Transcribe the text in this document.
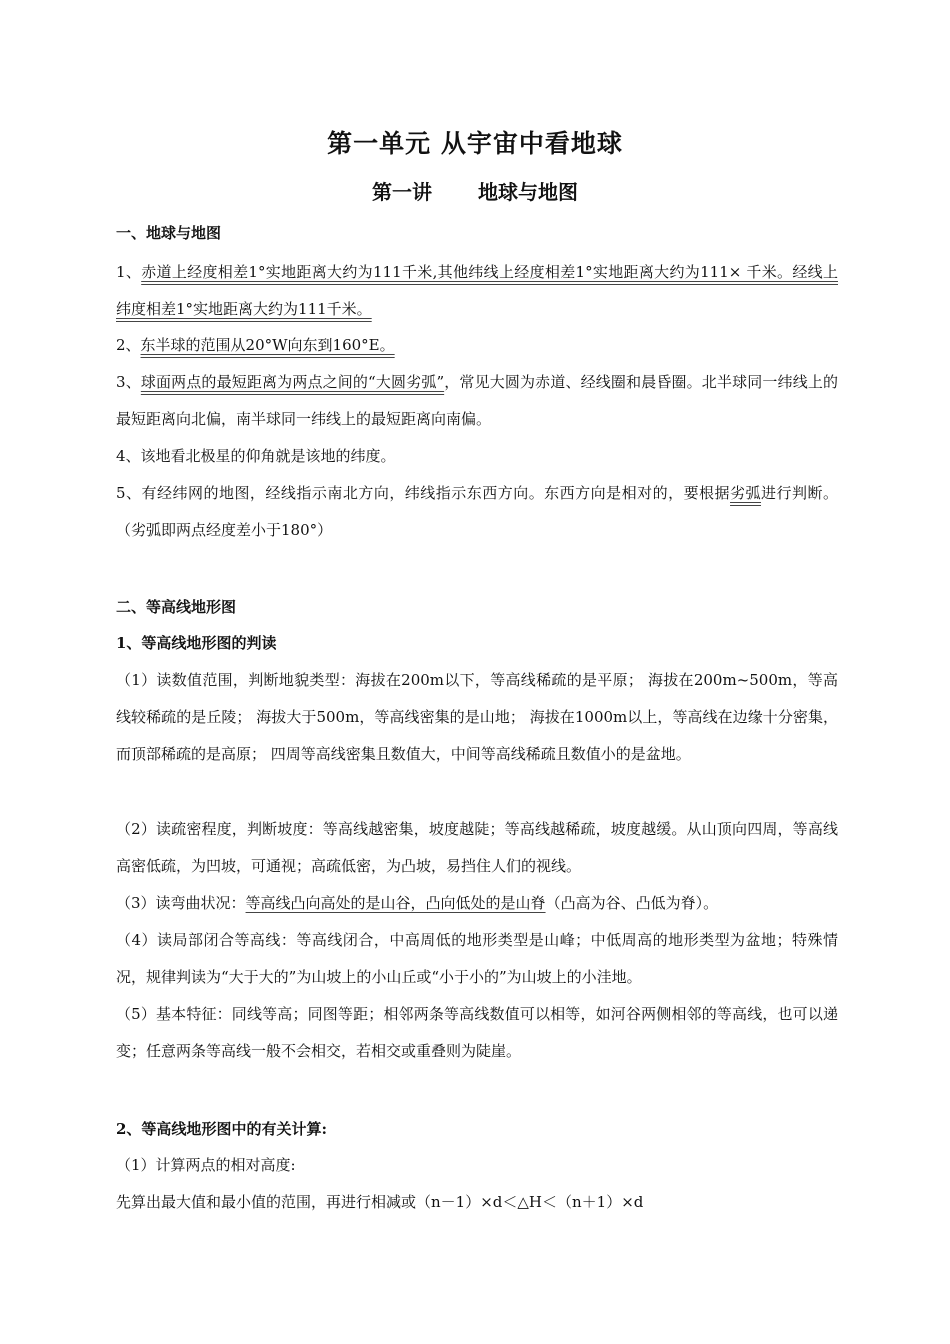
第一单元 从宇宙中看地球
第一讲 地球与地图
一、地球与地图
1、赤道上经度相差1°实地距离大约为111千米,其他纬线上经度相差1°实地距离大约为111× 千米。经线上纬度相差1°实地距离大约为111千米。
2、东半球的范围从20°W向东到160°E。
3、球面两点的最短距离为两点之间的“大圆劣弧”，常见大圆为赤道、经线圈和晨昏圈。北半球同一纬线上的最短距离向北偏，南半球同一纬线上的最短距离向南偏。
4、该地看北极星的仰角就是该地的纬度。
5、有经纬网的地图，经线指示南北方向，纬线指示东西方向。东西方向是相对的，要根据劣弧进行判断。（劣弧即两点经度差小于180°）
二、等高线地形图
1、等高线地形图的判读
（1）读数值范围，判断地貌类型：海拔在200m以下，等高线稀疏的是平原； 海拔在200m~500m，等高线较稀疏的是丘陵； 海拔大于500m，等高线密集的是山地； 海拔在1000m以上，等高线在边缘十分密集，而顶部稀疏的是高原； 四周等高线密集且数值大，中间等高线稀疏且数值小的是盆地。
（2）读疏密程度，判断坡度：等高线越密集，坡度越陡；等高线越稀疏，坡度越缓。从山顶向四周，等高线高密低疏，为凹坡，可通视；高疏低密，为凸坡，易挡住人们的视线。
（3）读弯曲状况：等高线凸向高处的是山谷，凸向低处的是山脊（凸高为谷、凸低为脊）。
（4）读局部闭合等高线：等高线闭合，中高周低的地形类型是山峰；中低周高的地形类型为盆地；特殊情况，规律判读为“大于大的”为山坡上的小山丘或“小于小的”为山坡上的小洼地。
（5）基本特征：同线等高；同图等距；相邻两条等高线数值可以相等，如河谷两侧相邻的等高线，也可以递变；任意两条等高线一般不会相交，若相交或重叠则为陡崖。
2、等高线地形图中的有关计算:
（1）计算两点的相对高度:
先算出最大值和最小值的范围，再进行相减或（n－1）×d＜△H＜（n＋1）×d
